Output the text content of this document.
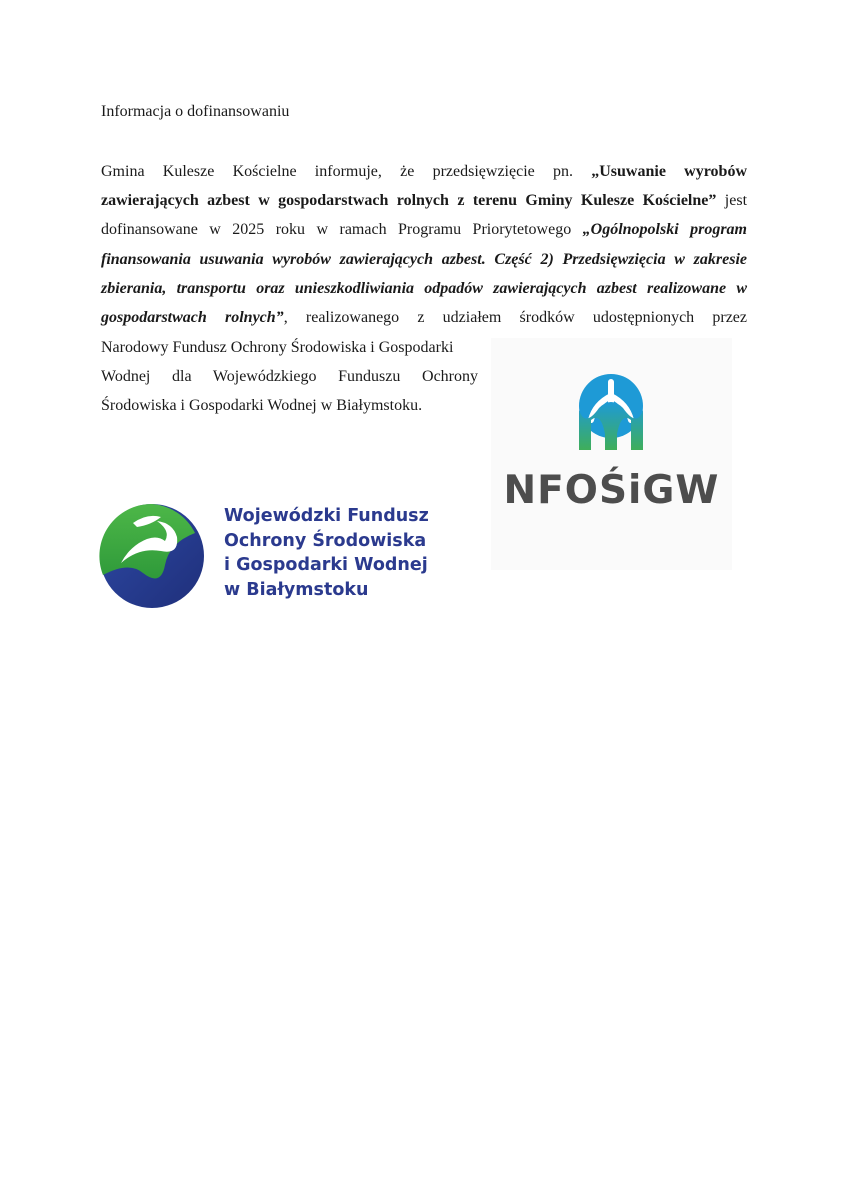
Informacja o dofinansowaniu
Gmina Kulesze Kościelne informuje, że przedsięwzięcie pn. „Usuwanie wyrobów
zawierających azbest w gospodarstwach rolnych z terenu Gminy Kulesze Kościelne” jest
dofinansowane w 2025 roku w ramach Programu Priorytetowego „Ogólnopolski program
finansowania usuwania wyrobów zawierających azbest. Część 2) Przedsięwzięcia w zakresie
zbierania, transportu oraz unieszkodliwiania odpadów zawierających azbest realizowane w
gospodarstwach rolnych”, realizowanego z udziałem środków udostępnionych przez
Narodowy Fundusz Ochrony Środowiska i Gospodarki
Wodnej dla Wojewódzkiego Funduszu Ochrony
Środowiska i Gospodarki Wodnej w Białymstoku.
NFOŚiGW
Wojewódzki Fundusz
Ochrony Środowiska
i Gospodarki Wodnej
w Białymstoku
